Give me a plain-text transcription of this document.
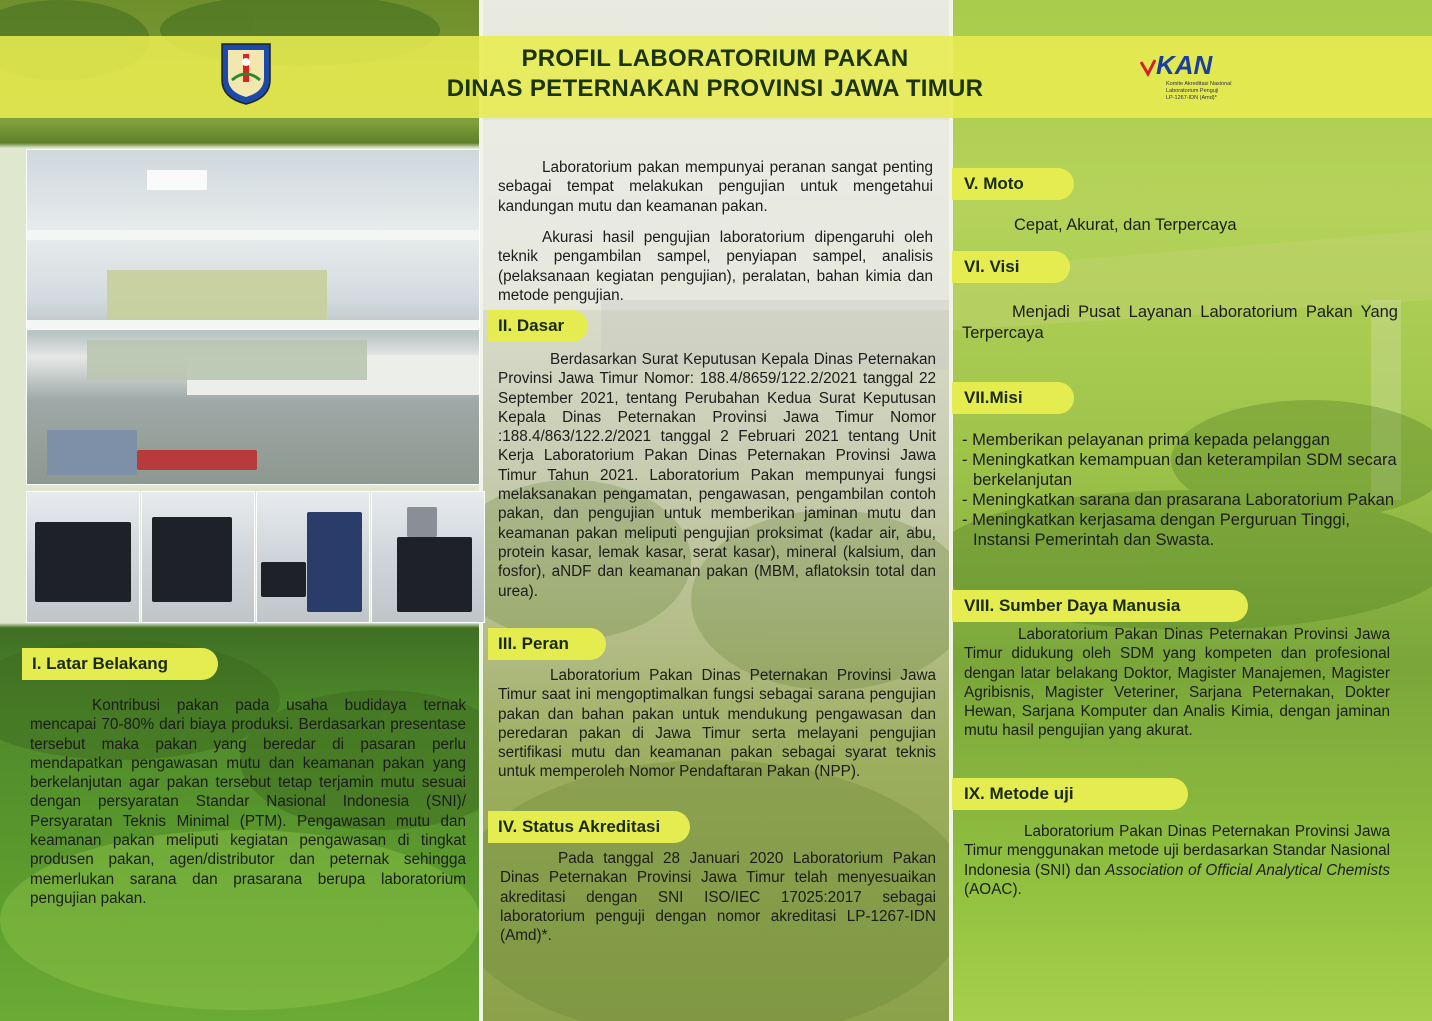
PROFIL LABORATORIUM PAKAN
DINAS PETERNAKAN PROVINSI JAWA TIMUR
KAN
Komite Akreditasi Nasional
Laboratorium Penguji
LP-1267-IDN (Amd)*
Laboratorium pakan mempunyai peranan sangat penting sebagai tempat melakukan pengujian untuk mengetahui kandungan mutu dan keamanan pakan.
Akurasi hasil pengujian laboratorium dipengaruhi oleh teknik pengambilan sampel, penyiapan sampel, analisis (pelaksanaan kegiatan pengujian), peralatan, bahan kimia dan metode pengujian.
I. Latar Belakang
Kontribusi pakan pada usaha budidaya ternak mencapai 70-80% dari biaya produksi. Berdasarkan presentase tersebut maka pakan yang beredar di pasaran perlu mendapatkan pengawasan mutu dan keamanan pakan yang berkelanjutan agar pakan tersebut tetap terjamin mutu sesuai dengan persyaratan Standar Nasional Indonesia (SNI)/ Persyaratan Teknis Minimal (PTM). Pengawasan mutu dan keamanan pakan meliputi kegiatan pengawasan di tingkat produsen pakan, agen/distributor dan peternak sehingga memerlukan sarana dan prasarana berupa laboratorium pengujian pakan.
II. Dasar
Berdasarkan Surat Keputusan Kepala Dinas Peternakan Provinsi Jawa Timur Nomor: 188.4/8659/122.2/2021 tanggal 22 September 2021, tentang Perubahan Kedua Surat Keputusan Kepala Dinas Peternakan Provinsi Jawa Timur Nomor :188.4/863/122.2/2021 tanggal 2 Februari 2021 tentang Unit Kerja Laboratorium Pakan Dinas Peternakan Provinsi Jawa Timur Tahun 2021. Laboratorium Pakan mempunyai fungsi melaksanakan pengamatan, pengawasan, pengambilan contoh pakan, dan pengujian untuk memberikan jaminan mutu dan keamanan pakan meliputi pengujian proksimat (kadar air, abu, protein kasar, lemak kasar, serat kasar), mineral (kalsium, dan fosfor), aNDF dan keamanan pakan (MBM, aflatoksin total dan urea).
III. Peran
Laboratorium Pakan Dinas Peternakan Provinsi Jawa Timur saat ini mengoptimalkan fungsi sebagai sarana pengujian pakan dan bahan pakan untuk mendukung pengawasan dan peredaran pakan di Jawa Timur serta melayani pengujian sertifikasi mutu dan keamanan pakan sebagai syarat teknis untuk memperoleh Nomor Pendaftaran Pakan (NPP).
IV. Status Akreditasi
Pada tanggal 28 Januari 2020 Laboratorium Pakan Dinas Peternakan Provinsi Jawa Timur telah menyesuaikan akreditasi dengan SNI ISO/IEC 17025:2017 sebagai laboratorium penguji dengan nomor akreditasi LP-1267-IDN (Amd)*.
V. Moto
Cepat, Akurat, dan Terpercaya
VI. Visi
Menjadi Pusat Layanan Laboratorium Pakan Yang Terpercaya
VII.Misi
- Memberikan pelayanan prima kepada pelanggan
- Meningkatkan kemampuan dan keterampilan SDM secara berkelanjutan
- Meningkatkan sarana dan prasarana Laboratorium Pakan
- Meningkatkan kerjasama dengan Perguruan Tinggi, Instansi Pemerintah dan Swasta.
VIII. Sumber Daya Manusia
Laboratorium Pakan Dinas Peternakan Provinsi Jawa Timur didukung oleh SDM yang kompeten dan profesional dengan latar belakang Doktor, Magister Manajemen, Magister Agribisnis, Magister Veteriner, Sarjana Peternakan, Dokter Hewan, Sarjana Komputer dan Analis Kimia, dengan jaminan mutu hasil pengujian yang akurat.
IX. Metode uji
Laboratorium Pakan Dinas Peternakan Provinsi Jawa Timur menggunakan metode uji berdasarkan Standar Nasional Indonesia (SNI) dan Association of Official Analytical Chemists (AOAC).
